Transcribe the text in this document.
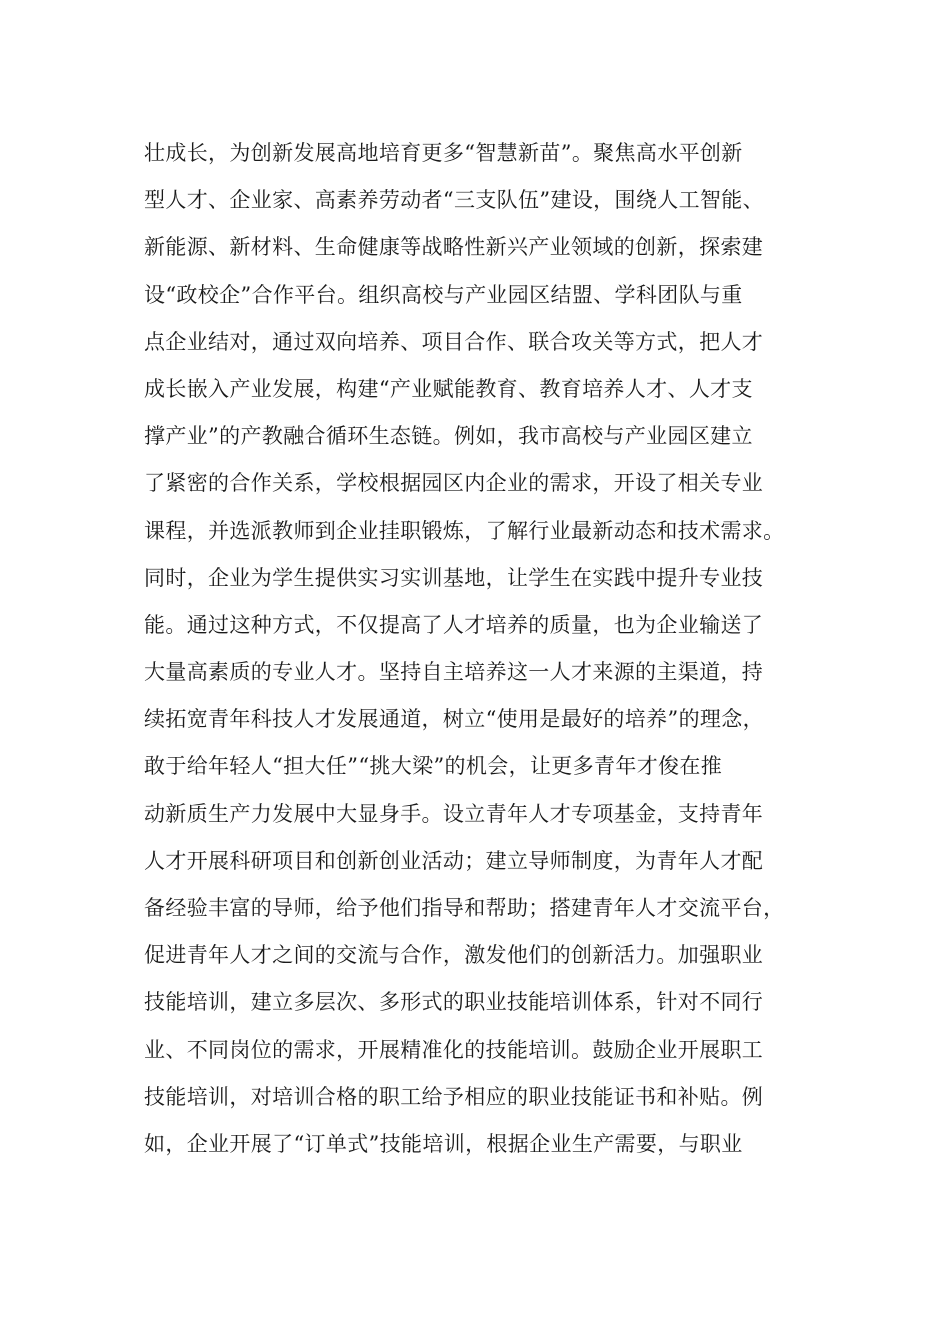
壮成长，为创新发展高地培育更多“智慧新苗”。聚焦高水平创新
型人才、企业家、高素养劳动者“三支队伍”建设，围绕人工智能、
新能源、新材料、生命健康等战略性新兴产业领域的创新，探索建
设“政校企”合作平台。组织高校与产业园区结盟、学科团队与重
点企业结对，通过双向培养、项目合作、联合攻关等方式，把人才
成长嵌入产业发展，构建“产业赋能教育、教育培养人才、人才支
撑产业”的产教融合循环生态链。例如，我市高校与产业园区建立
了紧密的合作关系，学校根据园区内企业的需求，开设了相关专业
课程，并选派教师到企业挂职锻炼，了解行业最新动态和技术需求。
同时，企业为学生提供实习实训基地，让学生在实践中提升专业技
能。通过这种方式，不仅提高了人才培养的质量，也为企业输送了
大量高素质的专业人才。坚持自主培养这一人才来源的主渠道，持
续拓宽青年科技人才发展通道，树立“使用是最好的培养”的理念，
敢于给年轻人“担大任”“挑大梁”的机会，让更多青年才俊在推
动新质生产力发展中大显身手。设立青年人才专项基金，支持青年
人才开展科研项目和创新创业活动；建立导师制度，为青年人才配
备经验丰富的导师，给予他们指导和帮助；搭建青年人才交流平台，
促进青年人才之间的交流与合作，激发他们的创新活力。加强职业
技能培训，建立多层次、多形式的职业技能培训体系，针对不同行
业、不同岗位的需求，开展精准化的技能培训。鼓励企业开展职工
技能培训，对培训合格的职工给予相应的职业技能证书和补贴。例
如，企业开展了“订单式”技能培训，根据企业生产需要，与职业
